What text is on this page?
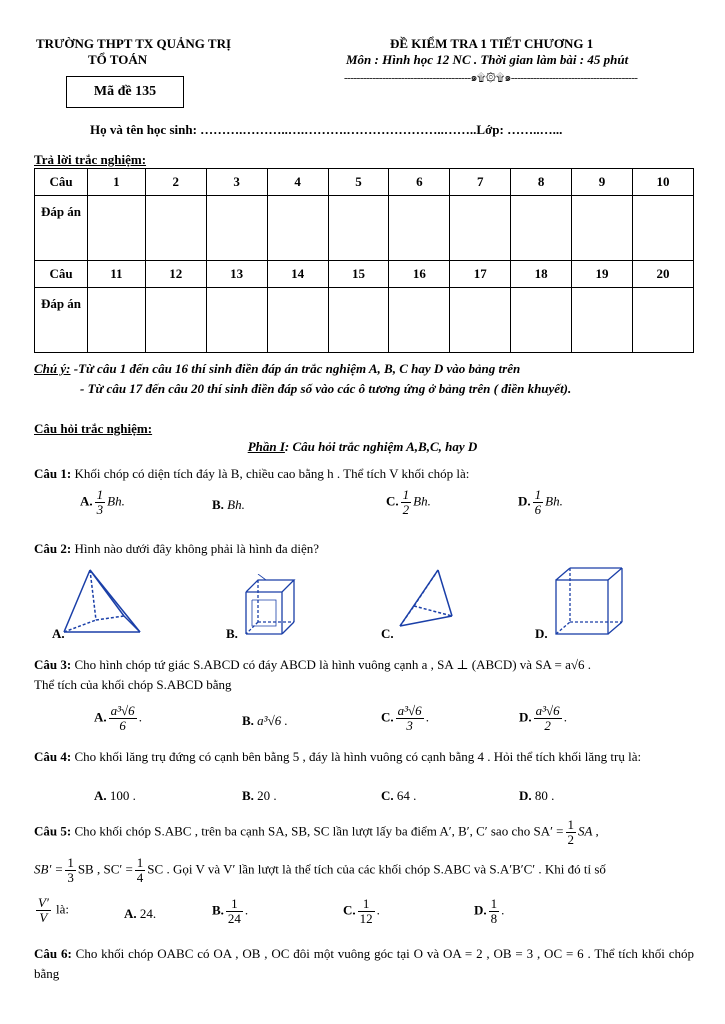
TRƯỜNG THPT TX QUẢNG TRỊ
TỔ TOÁN
ĐỀ KIỂM TRA 1 TIẾT CHƯƠNG 1
Môn : Hình học 12 NC . Thời gian làm bài : 45 phút
----------------------------------------๑۩۞۩๑----------------------------------------
Mã đề 135
Họ và tên học sinh: ……….………..….……….…………………..……..Lớp: ……..…...
Trả lời trắc nghiệm:
Câu	1	2	3	4	5	6	7	8	9	10
Đáp án										
Câu	11	12	13	14	15	16	17	18	19	20
Đáp án										
Chú ý: -Từ câu 1 đến câu 16 thí sinh điền đáp án trắc nghiệm A, B, C hay D vào bảng trên
- Từ câu 17 đến câu 20 thí sinh điền đáp số vào các ô tương ứng ở bảng trên ( điền khuyết).
Câu hỏi trắc nghiệm:
Phần I: Câu hỏi trắc nghiệm A,B,C, hay D
Câu 1: Khối chóp có diện tích đáy là B, chiều cao bằng h . Thể tích V khối chóp là:
A. $\frac{1}{3} Bh$.	B. Bh.	C. $\frac{1}{2} Bh$.	D. $\frac{1}{6} Bh$.
Câu 2: Hình nào dưới đây không phải là hình đa diện?
A.	B.	C.	D.
Câu 3: Cho hình chóp tứ giác S.ABCD có đáy ABCD là hình vuông cạnh a , SA ⊥ (ABCD) và SA = a√6 .
Thể tích của khối chóp S.ABCD bằng
A. $\frac{\text{a³√6}}{6}$ .	B. a³√6 .	C. $\frac{\text{a³√6}}{3}$ .	D. $\frac{\text{a³√6}}{2}$ .
Câu 4: Cho khối lăng trụ đứng có cạnh bên bằng 5 , đáy là hình vuông có cạnh bằng 4 . Hỏi thể tích khối lăng trụ là:
A. 100 .	B. 20 .	C. 64 .	D. 80 .
Câu 5: Cho khối chóp S.ABC , trên ba cạnh SA, SB, SC lần lượt lấy ba điểm A′, B′, C′ sao cho $SA' = \frac{1}{2}$ SA ,
$SB' = \frac{1}{3}$ SB , $SC' = \frac{1}{4}$ SC . Gọi V và V′ lần lượt là thể tích của các khối chóp S.ABC và S.A′B′C′ . Khi đó tỉ số
$\frac{V'}{V}$ là:	A. 24.	B. $\frac{1}{24}$ .	C. $\frac{1}{12}$ .	D. $\frac{1}{8}$ .
Câu 6: Cho khối chóp OABC có OA , OB , OC đôi một vuông góc tại O và OA = 2 , OB = 3 , OC = 6 . Thể tích khối chóp bằng
